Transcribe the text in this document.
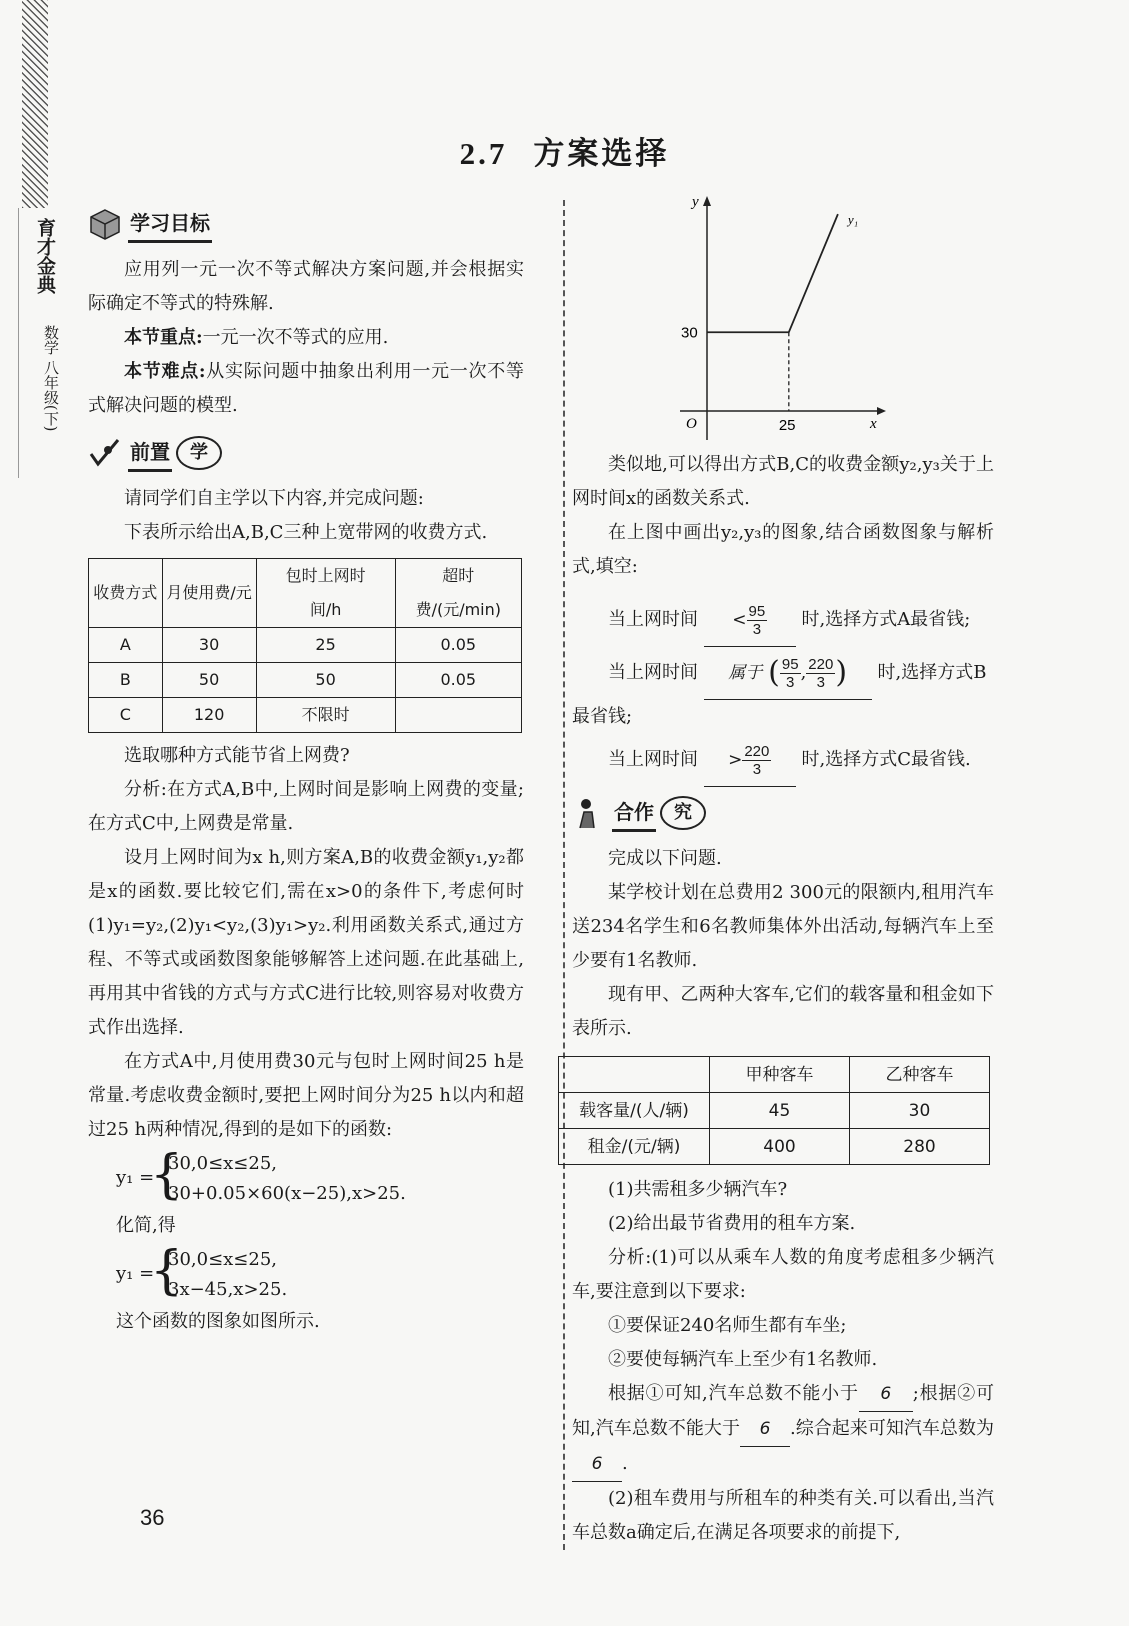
育才金典
数学 八年级(下)
2.7 方案选择
学习目标

应用列一元一次不等式解决方案问题,并会根据实际确定不等式的特殊解.

本节重点:一元一次不等式的应用.

本节难点:从实际问题中抽象出利用一元一次不等式解决问题的模型.

前置	学

请同学们自主学以下内容,并完成问题:

下表所示给出A,B,C三种上宽带网的收费方式.

收费方式	月使用费/元	包时上网时间/h	超时费/(元/min)
A	30	25	0.05
B	50	50	0.05
C	120	不限时	

选取哪种方式能节省上网费?

分析:在方式A,B中,上网时间是影响上网费的变量;在方式C中,上网费是常量.

设月上网时间为x h,则方案A,B的收费金额y₁,y₂都是x的函数.要比较它们,需在x>0的条件下,考虑何时(1)y₁=y₂,(2)y₁<y₂,(3)y₁>y₂.利用函数关系式,通过方程、不等式或函数图象能够解答上述问题.在此基础上,再用其中省钱的方式与方式C进行比较,则容易对收费方式作出选择.

在方式A中,月使用费30元与包时上网时间25 h是常量.考虑收费金额时,要把上网时间分为25 h以内和超过25 h两种情况,得到的是如下的函数:

y₁ =
{
30,0≤x≤25,
30+0.05×60(x−25),x>25.

化简,得

y₁ =
{
30,0≤x≤25,
3x−45,x>25.

这个函数的图象如图所示.

y
x
O
30
25
y₁

类似地,可以得出方式B,C的收费金额y₂,y₃关于上网时间x的函数关系式.

在上图中画出y₂,y₃的图象,结合函数图象与解析式,填空:

当上网时间 < $\frac{95}{3}$ 时,选择方式A最省钱;

当上网时间 属于 ( $\frac{95}{3}$ , $\frac{220}{3}$ ) 时,选择方式B

最省钱;

当上网时间 > $\frac{220}{3}$ 时,选择方式C最省钱.

合作	究

完成以下问题.

某学校计划在总费用2 300元的限额内,租用汽车送234名学生和6名教师集体外出活动,每辆汽车上至少要有1名教师.

现有甲、乙两种大客车,它们的载客量和租金如下表所示.

	甲种客车	乙种客车
载客量/(人/辆)	45	30
租金/(元/辆)	400	280

(1)共需租多少辆汽车?

(2)给出最节省费用的租车方案.

分析:(1)可以从乘车人数的角度考虑租多少辆汽车,要注意到以下要求:

①要保证240名师生都有车坐;

②要使每辆汽车上至少有1名教师.

根据①可知,汽车总数不能小于 6 ;根据②可知,汽车总数不能大于 6 .综合起来可知汽车总数为6 .

(2)租车费用与所租车的种类有关.可以看出,当汽车总数a确定后,在满足各项要求的前提下,

36
